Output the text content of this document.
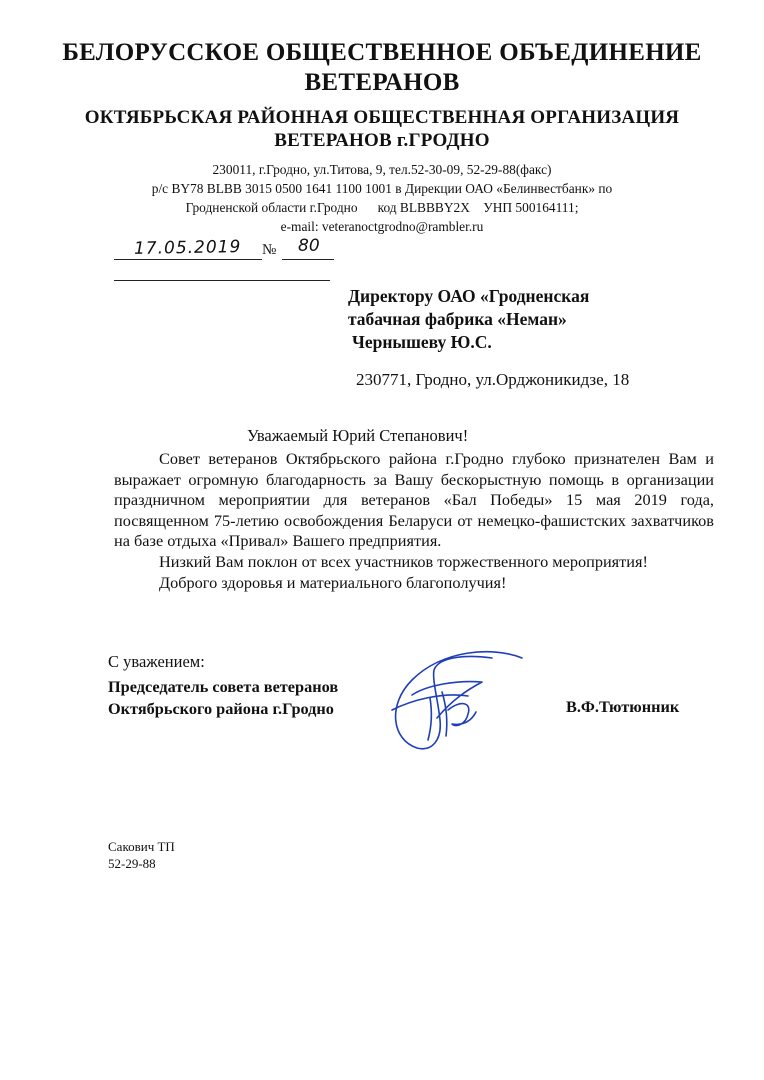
БЕЛОРУССКОЕ ОБЩЕСТВЕННОЕ ОБЪЕДИНЕНИЕ
ВЕТЕРАНОВ
ОКТЯБРЬСКАЯ РАЙОННАЯ ОБЩЕСТВЕННАЯ ОРГАНИЗАЦИЯ
ВЕТЕРАНОВ г.ГРОДНО
230011, г.Гродно, ул.Титова, 9, тел.52-30-09, 52-29-88(факс)
р/с BY78 BLBB 3015 0500 1641 1100 1001 в Дирекции ОАО «Белинвестбанк» по
Гродненской области г.Гродно      код BLBBBY2X    УНП 500164111;
e-mail: veteranoctgrodno@rambler.ru
17.05.2019 № 80
Директору ОАО «Гродненская
табачная фабрика «Неман»
Чернышеву Ю.С.
230771, Гродно, ул.Орджоникидзе, 18
Уважаемый Юрий Степанович!

Совет ветеранов Октябрьского района г.Гродно глубоко признателен Вам и выражает огромную благодарность за Вашу бескорыстную помощь в организации праздничном мероприятии для ветеранов «Бал Победы» 15 мая 2019 года, посвященном 75-летию освобождения Беларуси от немецко-фашистских захватчиков на базе отдыха «Привал» Вашего предприятия.

Низкий Вам поклон от всех участников торжественного мероприятия!

Доброго здоровья и материального благополучия!

С уважением:
Председатель совета ветеранов
Октябрьского района г.Гродно	В.Ф.Тютюнник
Сакович ТП
52-29-88
